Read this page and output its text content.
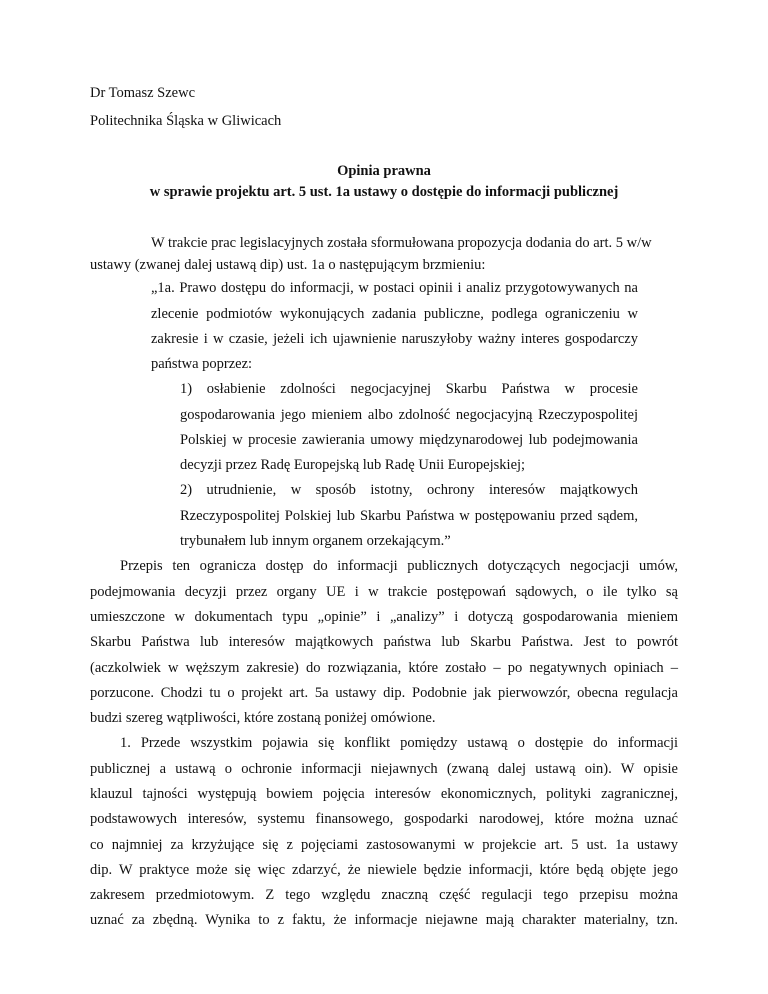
Dr Tomasz Szewc
Politechnika Śląska w Gliwicach
Opinia prawna
w sprawie projektu art. 5 ust. 1a ustawy o dostępie do informacji publicznej
W trakcie prac legislacyjnych została sformułowana propozycja dodania do art. 5 w/w
ustawy (zwanej dalej ustawą dip) ust. 1a o następującym brzmieniu:
„1a. Prawo dostępu do informacji, w postaci opinii i analiz przygotowywanych na
zlecenie podmiotów wykonujących zadania publiczne, podlega ograniczeniu w
zakresie i w czasie, jeżeli ich ujawnienie naruszyłoby ważny interes gospodarczy
państwa poprzez:
1) osłabienie zdolności negocjacyjnej Skarbu Państwa w procesie
gospodarowania jego mieniem albo zdolność negocjacyjną Rzeczypospolitej
Polskiej w procesie zawierania umowy międzynarodowej lub podejmowania
decyzji przez Radę Europejską lub Radę Unii Europejskiej;
2) utrudnienie, w sposób istotny, ochrony interesów majątkowych
Rzeczypospolitej Polskiej lub Skarbu Państwa w postępowaniu przed sądem,
trybunałem lub innym organem orzekającym.”
Przepis ten ogranicza dostęp do informacji publicznych dotyczących negocjacji umów,
podejmowania decyzji przez organy UE i w trakcie postępowań sądowych, o ile tylko są
umieszczone w dokumentach typu „opinie” i „analizy” i dotyczą gospodarowania mieniem
Skarbu Państwa lub interesów majątkowych państwa lub Skarbu Państwa. Jest to powrót
(aczkolwiek w węższym zakresie) do rozwiązania, które zostało – po negatywnych opiniach –
porzucone. Chodzi tu o projekt art. 5a ustawy dip. Podobnie jak pierwowzór, obecna regulacja
budzi szereg wątpliwości, które zostaną poniżej omówione.
1. Przede wszystkim pojawia się konflikt pomiędzy ustawą o dostępie do informacji
publicznej a ustawą o ochronie informacji niejawnych (zwaną dalej ustawą oin). W opisie
klauzul tajności występują bowiem pojęcia interesów ekonomicznych, polityki zagranicznej,
podstawowych interesów, systemu finansowego, gospodarki narodowej, które można uznać
co najmniej za krzyżujące się z pojęciami zastosowanymi w projekcie art. 5 ust. 1a ustawy
dip. W praktyce może się więc zdarzyć, że niewiele będzie informacji, które będą objęte jego
zakresem przedmiotowym. Z tego względu znaczną część regulacji tego przepisu można
uznać za zbędną. Wynika to z faktu, że informacje niejawne mają charakter materialny, tzn.
